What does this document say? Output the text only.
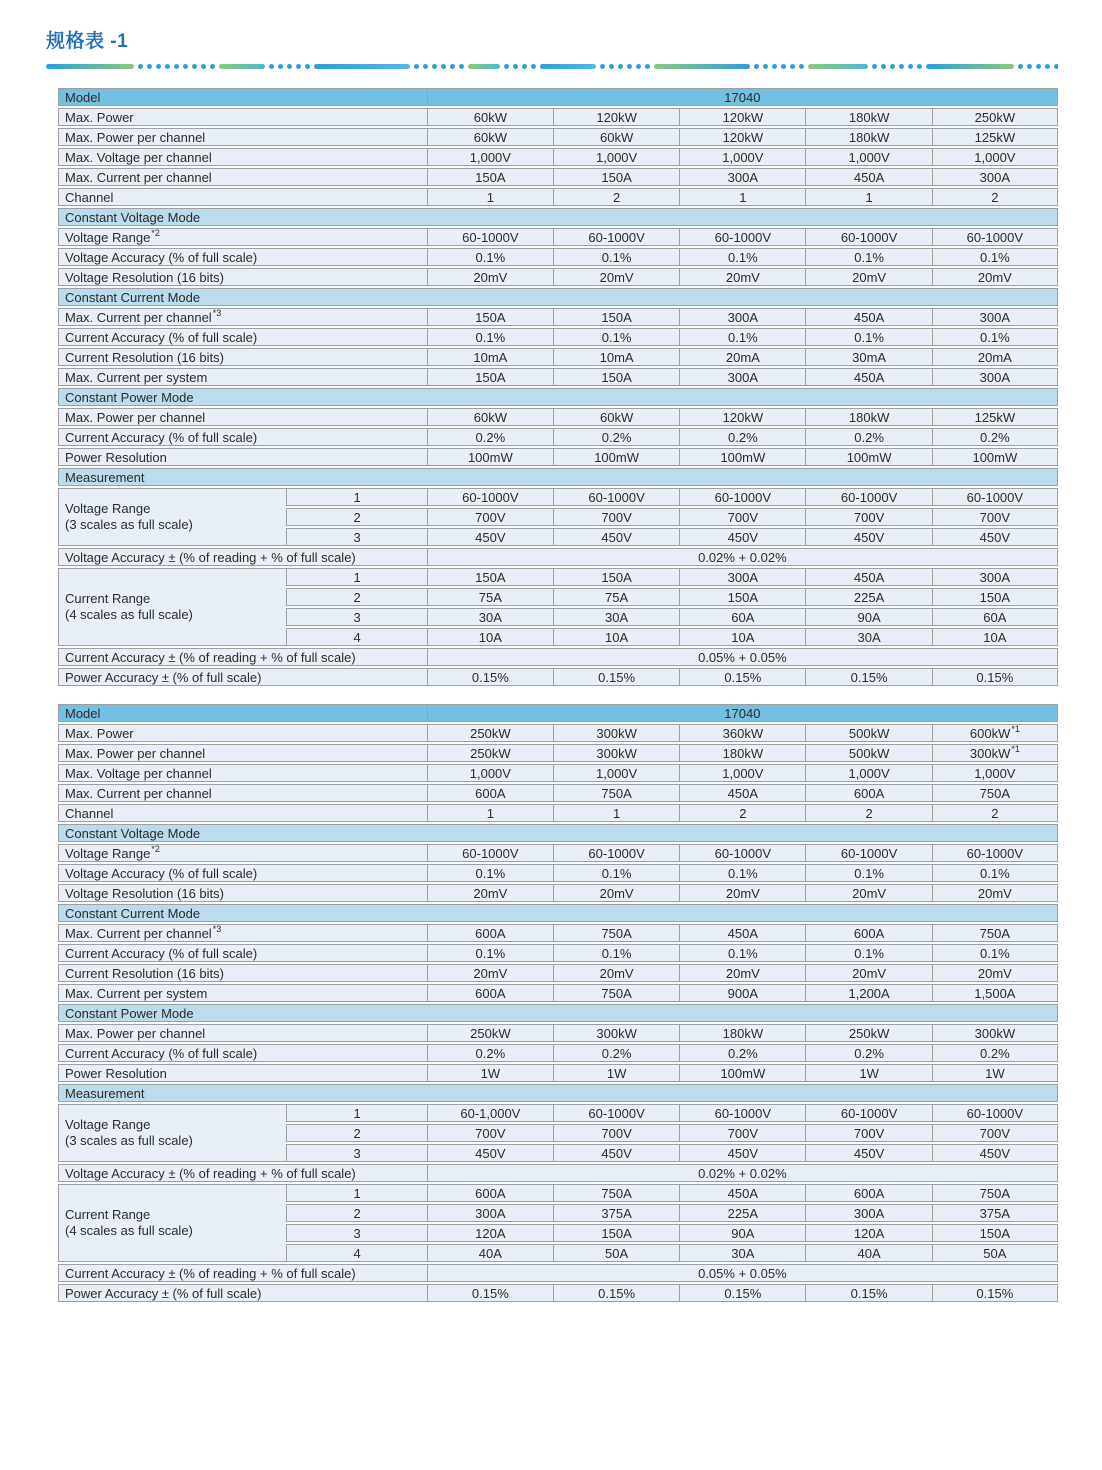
规格表 -1
Model		17040				
Max. Power		60kW	120kW	120kW	180kW	250kW
Max. Power per channel		60kW	60kW	120kW	180kW	125kW
Max. Voltage per channel		1,000V	1,000V	1,000V	1,000V	1,000V
Max. Current per channel		150A	150A	300A	450A	300A
Channel		1	2	1	1	2
Constant Voltage Mode						
Voltage Range$^{*2}$		60-1000V	60-1000V	60-1000V	60-1000V	60-1000V
Voltage Accuracy (% of full scale)		0.1%	0.1%	0.1%	0.1%	0.1%
Voltage Resolution (16 bits)		20mV	20mV	20mV	20mV	20mV
Constant Current Mode						
Max. Current per channel$^{*3}$		150A	150A	300A	450A	300A
Current Accuracy (% of full scale)		0.1%	0.1%	0.1%	0.1%	0.1%
Current Resolution (16 bits)		10mA	10mA	20mA	30mA	20mA
Max. Current per system		150A	150A	300A	450A	300A
Constant Power Mode						
Max. Power per channel		60kW	60kW	120kW	180kW	125kW
Current Accuracy (% of full scale)		0.2%	0.2%	0.2%	0.2%	0.2%
Power Resolution		100mW	100mW	100mW	100mW	100mW
Measurement						

Voltage Range
(3 scales as full scale)	1	60-1000V	60-1000V	60-1000V	60-1000V	60-1000V
	2	700V	700V	700V	700V	700V
	3	450V	450V	450V	450V	450V
Voltage Accuracy ± (% of reading + % of full scale)		0.02% + 0.02%				

Current Range
(4 scales as full scale)	1	150A	150A	300A	450A	300A
	2	75A	75A	150A	225A	150A
	3	30A	30A	60A	90A	60A
	4	10A	10A	10A	30A	10A
Current Accuracy ± (% of reading + % of full scale)		0.05% + 0.05%				
Power Accuracy ± (% of full scale)		0.15%	0.15%	0.15%	0.15%	0.15%
Model		17040				
Max. Power		250kW	300kW	360kW	500kW	600kW$^{*1}$
Max. Power per channel		250kW	300kW	180kW	500kW	300kW$^{*1}$
Max. Voltage per channel		1,000V	1,000V	1,000V	1,000V	1,000V
Max. Current per channel		600A	750A	450A	600A	750A
Channel		1	1	2	2	2
Constant Voltage Mode						
Voltage Range$^{*2}$		60-1000V	60-1000V	60-1000V	60-1000V	60-1000V
Voltage Accuracy (% of full scale)		0.1%	0.1%	0.1%	0.1%	0.1%
Voltage Resolution (16 bits)		20mV	20mV	20mV	20mV	20mV
Constant Current Mode						
Max. Current per channel$^{*3}$		600A	750A	450A	600A	750A
Current Accuracy (% of full scale)		0.1%	0.1%	0.1%	0.1%	0.1%
Current Resolution (16 bits)		20mV	20mV	20mV	20mV	20mV
Max. Current per system		600A	750A	900A	1,200A	1,500A
Constant Power Mode						
Max. Power per channel		250kW	300kW	180kW	250kW	300kW
Current Accuracy (% of full scale)		0.2%	0.2%	0.2%	0.2%	0.2%
Power Resolution		1W	1W	100mW	1W	1W
Measurement						

Voltage Range
(3 scales as full scale)	1	60-1,000V	60-1000V	60-1000V	60-1000V	60-1000V
	2	700V	700V	700V	700V	700V
	3	450V	450V	450V	450V	450V
Voltage Accuracy ± (% of reading + % of full scale)		0.02% + 0.02%				

Current Range
(4 scales as full scale)	1	600A	750A	450A	600A	750A
	2	300A	375A	225A	300A	375A
	3	120A	150A	90A	120A	150A
	4	40A	50A	30A	40A	50A
Current Accuracy ± (% of reading + % of full scale)		0.05% + 0.05%				
Power Accuracy ± (% of full scale)		0.15%	0.15%	0.15%	0.15%	0.15%
